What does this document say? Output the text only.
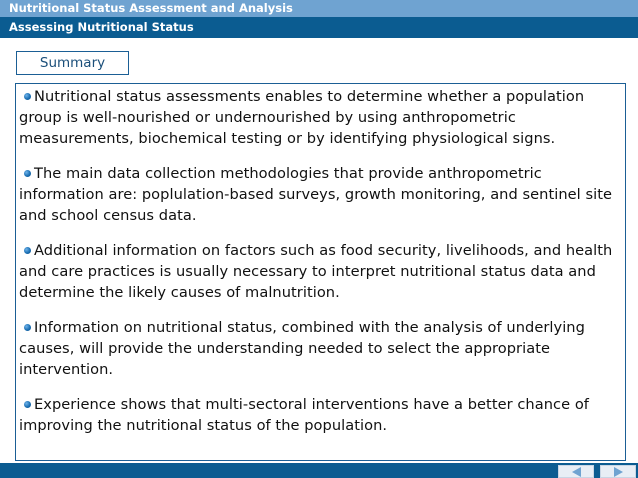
Nutritional Status Assessment and Analysis
Assessing Nutritional Status
Summary
Nutritional status assessments enables to determine whether a population group is well-nourished or undernourished by using anthropometric measurements, biochemical testing or by identifying physiological signs.
The main data collection methodologies that provide anthropometric information are: poplulation-based surveys, growth monitoring, and sentinel site and school census data.
Additional information on factors such as food security, livelihoods, and health and care practices is usually necessary to interpret nutritional status data and determine the likely causes of malnutrition.
Information on nutritional status, combined with the analysis of underlying causes, will provide the understanding needed to select the appropriate intervention.
Experience shows that multi-sectoral interventions have a better chance of improving the nutritional status of the population.
